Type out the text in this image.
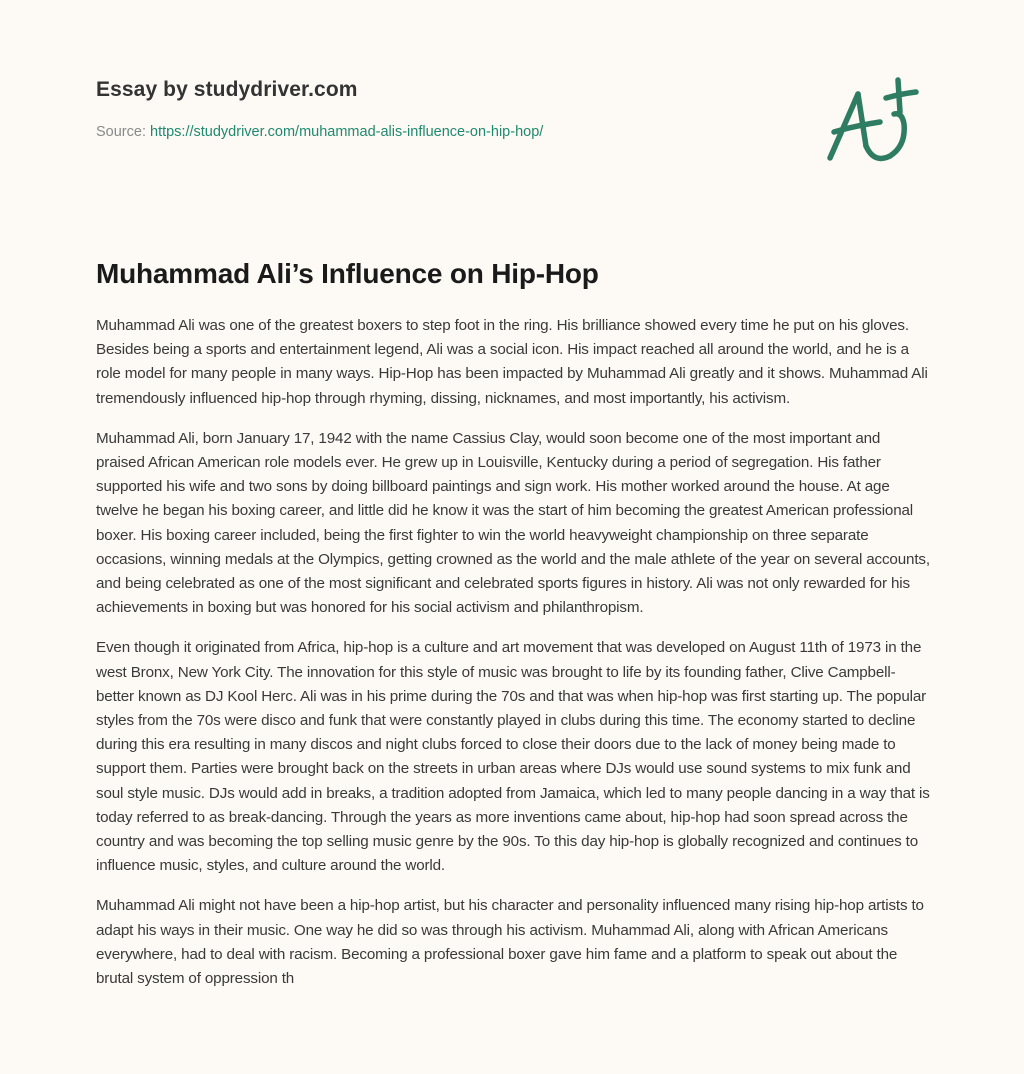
Essay by studydriver.com
Source: https://studydriver.com/muhammad-alis-influence-on-hip-hop/
Muhammad Ali’s Influence on Hip-Hop

Muhammad Ali was one of the greatest boxers to step foot in the ring. His brilliance showed every time he put on his gloves. Besides being a sports and entertainment legend, Ali was a social icon. His impact reached all around the world, and he is a role model for many people in many ways. Hip-Hop has been impacted by Muhammad Ali greatly and it shows. Muhammad Ali tremendously influenced hip-hop through rhyming, dissing, nicknames, and most importantly, his activism.

Muhammad Ali, born January 17, 1942 with the name Cassius Clay, would soon become one of the most important and praised African American role models ever. He grew up in Louisville, Kentucky during a period of segregation. His father supported his wife and two sons by doing billboard paintings and sign work. His mother worked around the house. At age twelve he began his boxing career, and little did he know it was the start of him becoming the greatest American professional boxer. His boxing career included, being the first fighter to win the world heavyweight championship on three separate occasions, winning medals at the Olympics, getting crowned as the world and the male athlete of the year on several accounts, and being celebrated as one of the most significant and celebrated sports figures in history. Ali was not only rewarded for his achievements in boxing but was honored for his social activism and philanthropism.

Even though it originated from Africa, hip-hop is a culture and art movement that was developed on August 11th of 1973 in the west Bronx, New York City. The innovation for this style of music was brought to life by its founding father, Clive Campbell-better known as DJ Kool Herc. Ali was in his prime during the 70s and that was when hip-hop was first starting up. The popular styles from the 70s were disco and funk that were constantly played in clubs during this time. The economy started to decline during this era resulting in many discos and night clubs forced to close their doors due to the lack of money being made to support them. Parties were brought back on the streets in urban areas where DJs would use sound systems to mix funk and soul style music. DJs would add in breaks, a tradition adopted from Jamaica, which led to many people dancing in a way that is today referred to as break-dancing. Through the years as more inventions came about, hip-hop had soon spread across the country and was becoming the top selling music genre by the 90s. To this day hip-hop is globally recognized and continues to influence music, styles, and culture around the world.

Muhammad Ali might not have been a hip-hop artist, but his character and personality influenced many rising hip-hop artists to adapt his ways in their music. One way he did so was through his activism. Muhammad Ali, along with African Americans everywhere, had to deal with racism. Becoming a professional boxer gave him fame and a platform to speak out about the brutal system of oppression th
